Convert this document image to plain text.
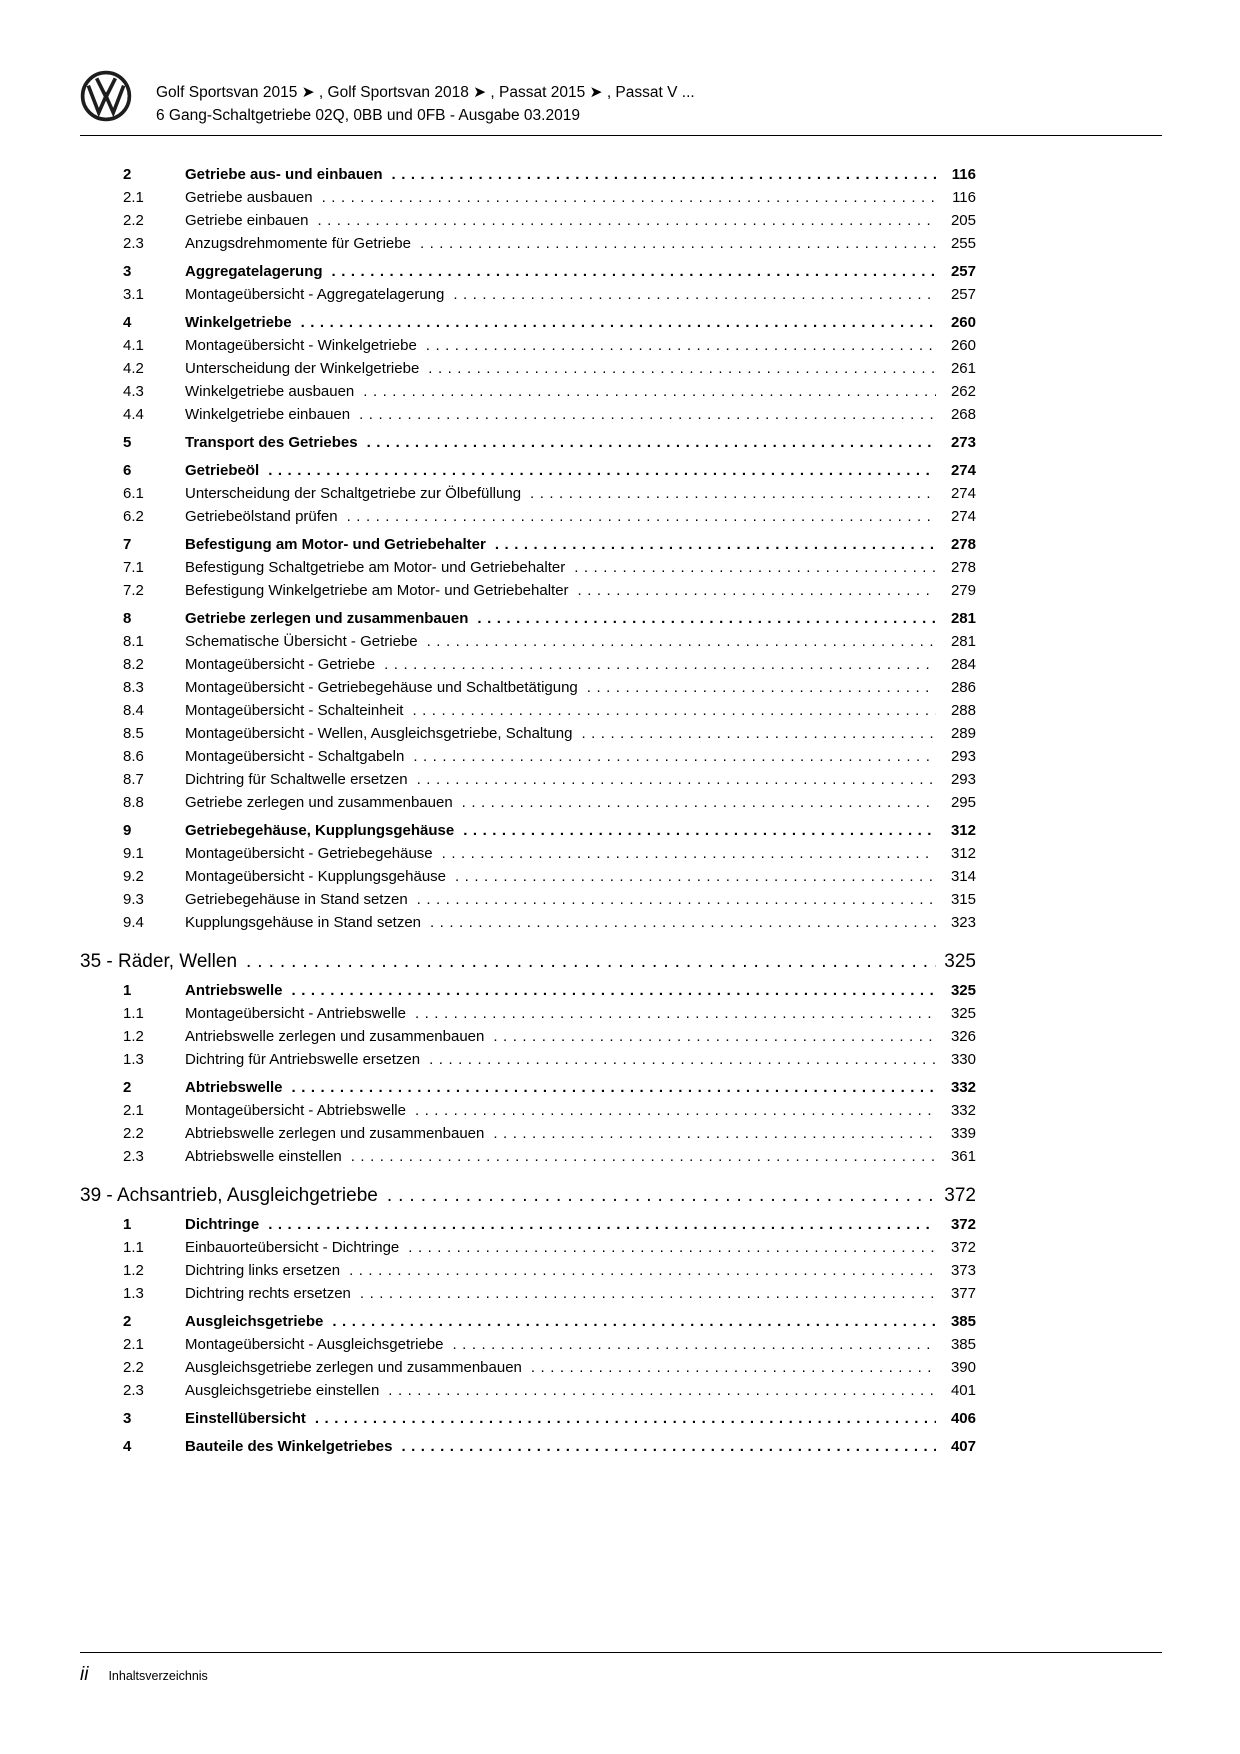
Golf Sportsvan 2015 ➤ , Golf Sportsvan 2018 ➤ , Passat 2015 ➤ , Passat V ...
6 Gang-Schaltgetriebe 02Q, 0BB und 0FB - Ausgabe 03.2019
2	Getriebe aus- und einbauen .....	116
2.1	Getriebe ausbauen .....	116
2.2	Getriebe einbauen .....	205
2.3	Anzugsdrehmomente für Getriebe .....	255
3	Aggregatelagerung .....	257
3.1	Montageübersicht - Aggregatelagerung .....	257
4	Winkelgetriebe .....	260
4.1	Montageübersicht - Winkelgetriebe .....	260
4.2	Unterscheidung der Winkelgetriebe .....	261
4.3	Winkelgetriebe ausbauen .....	262
4.4	Winkelgetriebe einbauen .....	268
5	Transport des Getriebes .....	273
6	Getriebeöl .....	274
6.1	Unterscheidung der Schaltgetriebe zur Ölbefüllung .....	274
6.2	Getriebeölstand prüfen .....	274
7	Befestigung am Motor- und Getriebehalter .....	278
7.1	Befestigung Schaltgetriebe am Motor- und Getriebehalter .....	278
7.2	Befestigung Winkelgetriebe am Motor- und Getriebehalter .....	279
8	Getriebe zerlegen und zusammenbauen .....	281
8.1	Schematische Übersicht - Getriebe .....	281
8.2	Montageübersicht - Getriebe .....	284
8.3	Montageübersicht - Getriebegehäuse und Schaltbetätigung .....	286
8.4	Montageübersicht - Schalteinheit .....	288
8.5	Montageübersicht - Wellen, Ausgleichsgetriebe, Schaltung .....	289
8.6	Montageübersicht - Schaltgabeln .....	293
8.7	Dichtring für Schaltwelle ersetzen .....	293
8.8	Getriebe zerlegen und zusammenbauen .....	295
9	Getriebegehäuse, Kupplungsgehäuse .....	312
9.1	Montageübersicht - Getriebegehäuse .....	312
9.2	Montageübersicht - Kupplungsgehäuse .....	314
9.3	Getriebegehäuse in Stand setzen .....	315
9.4	Kupplungsgehäuse in Stand setzen .....	323
35 - Räder, Wellen .....	325
1	Antriebswelle .....	325
1.1	Montageübersicht - Antriebswelle .....	325
1.2	Antriebswelle zerlegen und zusammenbauen .....	326
1.3	Dichtring für Antriebswelle ersetzen .....	330
2	Abtriebswelle .....	332
2.1	Montageübersicht - Abtriebswelle .....	332
2.2	Abtriebswelle zerlegen und zusammenbauen .....	339
2.3	Abtriebswelle einstellen .....	361
39 - Achsantrieb, Ausgleichgetriebe .....	372
1	Dichtringe .....	372
1.1	Einbauorteübersicht - Dichtringe .....	372
1.2	Dichtring links ersetzen .....	373
1.3	Dichtring rechts ersetzen .....	377
2	Ausgleichsgetriebe .....	385
2.1	Montageübersicht - Ausgleichsgetriebe .....	385
2.2	Ausgleichsgetriebe zerlegen und zusammenbauen .....	390
2.3	Ausgleichsgetriebe einstellen .....	401
3	Einstellübersicht .....	406
4	Bauteile des Winkelgetriebes .....	407
ii Inhaltsverzeichnis
